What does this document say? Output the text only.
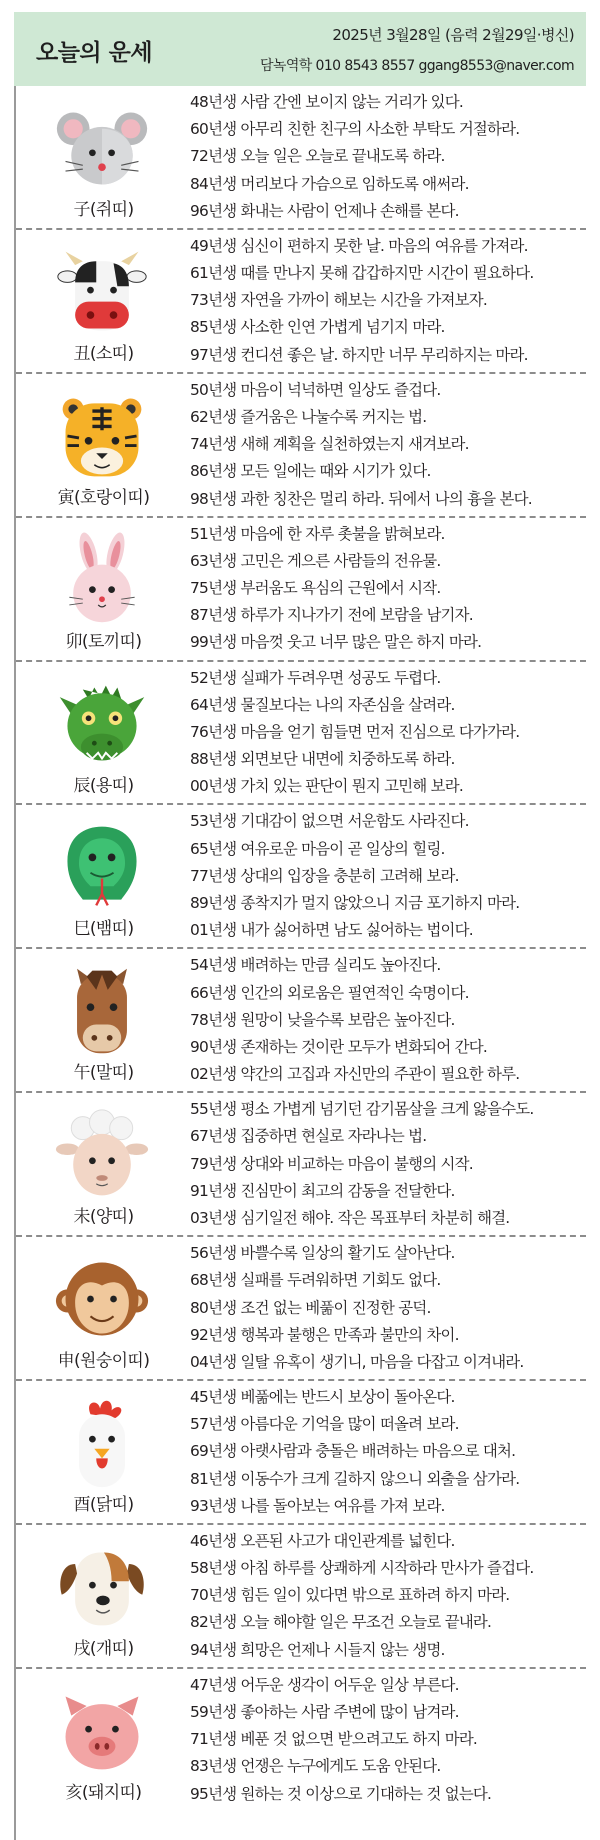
오늘의 운세
2025년 3월28일 (음력 2월29일·병신)
담녹역학 010 8543 8557 ggang8553@naver.com
子(쥐띠)
48년생 사람 간엔 보이지 않는 거리가 있다.
60년생 아무리 친한 친구의 사소한 부탁도 거절하라.
72년생 오늘 일은 오늘로 끝내도록 하라.
84년생 머리보다 가슴으로 임하도록 애써라.
96년생 화내는 사람이 언제나 손해를 본다.
丑(소띠)
49년생 심신이 편하지 못한 날. 마음의 여유를 가져라.
61년생 때를 만나지 못해 갑갑하지만 시간이 필요하다.
73년생 자연을 가까이 해보는 시간을 가져보자.
85년생 사소한 인연 가볍게 넘기지 마라.
97년생 컨디션 좋은 날. 하지만 너무 무리하지는 마라.
寅(호랑이띠)
50년생 마음이 넉넉하면 일상도 즐겁다.
62년생 즐거움은 나눌수록 커지는 법.
74년생 새해 계획을 실천하였는지 새겨보라.
86년생 모든 일에는 때와 시기가 있다.
98년생 과한 칭찬은 멀리 하라. 뒤에서 나의 흉을 본다.
卯(토끼띠)
51년생 마음에 한 자루 촛불을 밝혀보라.
63년생 고민은 게으른 사람들의 전유물.
75년생 부러움도 욕심의 근원에서 시작.
87년생 하루가 지나가기 전에 보람을 남기자.
99년생 마음껏 웃고 너무 많은 말은 하지 마라.
辰(용띠)
52년생 실패가 두려우면 성공도 두렵다.
64년생 물질보다는 나의 자존심을 살려라.
76년생 마음을 얻기 힘들면 먼저 진심으로 다가가라.
88년생 외면보단 내면에 치중하도록 하라.
00년생 가치 있는 판단이 뭔지 고민해 보라.
巳(뱀띠)
53년생 기대감이 없으면 서운함도 사라진다.
65년생 여유로운 마음이 곧 일상의 힐링.
77년생 상대의 입장을 충분히 고려해 보라.
89년생 종착지가 멀지 않았으니 지금 포기하지 마라.
01년생 내가 싫어하면 남도 싫어하는 법이다.
午(말띠)
54년생 배려하는 만큼 실리도 높아진다.
66년생 인간의 외로움은 필연적인 숙명이다.
78년생 원망이 낮을수록 보람은 높아진다.
90년생 존재하는 것이란 모두가 변화되어 간다.
02년생 약간의 고집과 자신만의 주관이 필요한 하루.
未(양띠)
55년생 평소 가볍게 넘기던 감기몸살을 크게 앓을수도.
67년생 집중하면 현실로 자라나는 법.
79년생 상대와 비교하는 마음이 불행의 시작.
91년생 진심만이 최고의 감동을 전달한다.
03년생 심기일전 해야. 작은 목표부터 차분히 해결.
申(원숭이띠)
56년생 바쁠수록 일상의 활기도 살아난다.
68년생 실패를 두려워하면 기회도 없다.
80년생 조건 없는 베풂이 진정한 공덕.
92년생 행복과 불행은 만족과 불만의 차이.
04년생 일탈 유혹이 생기니, 마음을 다잡고 이겨내라.
酉(닭띠)
45년생 베풂에는 반드시 보상이 돌아온다.
57년생 아름다운 기억을 많이 떠올려 보라.
69년생 아랫사람과 충돌은 배려하는 마음으로 대처.
81년생 이동수가 크게 길하지 않으니 외출을 삼가라.
93년생 나를 돌아보는 여유를 가져 보라.
戌(개띠)
46년생 오픈된 사고가 대인관계를 넓힌다.
58년생 아침 하루를 상쾌하게 시작하라 만사가 즐겁다.
70년생 힘든 일이 있다면 밖으로 표하려 하지 마라.
82년생 오늘 해야할 일은 무조건 오늘로 끝내라.
94년생 희망은 언제나 시들지 않는 생명.
亥(돼지띠)
47년생 어두운 생각이 어두운 일상 부른다.
59년생 좋아하는 사람 주변에 많이 남겨라.
71년생 베푼 것 없으면 받으려고도 하지 마라.
83년생 언쟁은 누구에게도 도움 안된다.
95년생 원하는 것 이상으로 기대하는 것 없는다.
